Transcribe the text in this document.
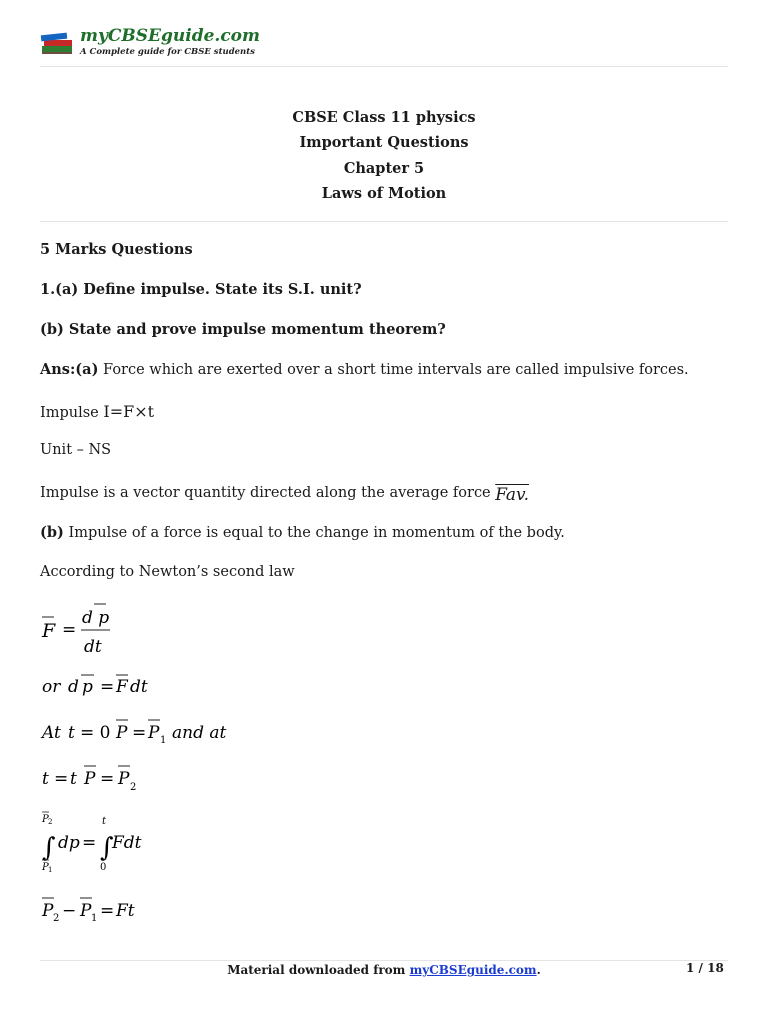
myCBSEguide.com
A Complete guide for CBSE students
CBSE Class 11 physics
Important Questions
Chapter 5
Laws of Motion
5 Marks Questions
1.(a) Define impulse. State its S.I. unit?
(b) State and prove impulse momentum theorem?
Ans:(a) Force which are exerted over a short time intervals are called impulsive forces.
Impulse I=F×t
Unit – NS
Impulse is a vector quantity directed along the average force Fav.
(b) Impulse of a force is equal to the change in momentum of the body.
According to Newton’s second law
F =
d p
dt
or d p = F dt
At t = 0 P = P 1 and at
t = t P = P 2
P 2
∫
P 1
dp =
t
∫
0
Fdt
P 2 − P 1 = Ft
Material downloaded from myCBSEguide.com.	1 / 18
